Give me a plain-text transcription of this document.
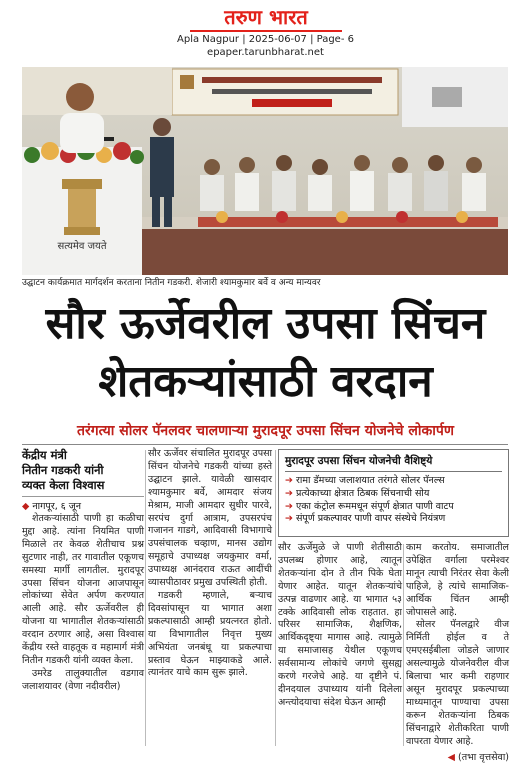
तरुण भारत
Apla Nagpur | 2025-06-07 | Page- 6
epaper.tarunbharat.net
सत्यमेव जयते
उद्घाटन कार्यक्रमात मार्गदर्शन करताना नितीन गडकरी. शेजारी श्यामकुमार बर्वे व अन्य मान्यवर
सौर ऊर्जेवरील उपसा सिंचन
शेतकऱ्यांसाठी वरदान
तरंगत्या सोलर पॅनलवर चालणाऱ्या मुरादपूर उपसा सिंचन योजनेचे लोकार्पण
केंद्रीय मंत्री
नितीन गडकरी यांनी
व्यक्त केला विश्वास
◆ नागपूर, ६ जून

शेतकऱ्यांसाठी पाणी हा कळीचा मुद्दा आहे. त्यांना नियमित पाणी मिळाले तर केवळ शेतीचाच प्रश्न सुटणार नाही, तर गावातील एकूणच समस्या मार्गी लागतील. मुरादपूर उपसा सिंचन योजना आजपासून लोकांच्या सेवेत अर्पण करण्यात आली आहे. सौर ऊर्जेवरील ही योजना या भागातील शेतकऱ्यांसाठी वरदान ठरणार आहे, असा विश्वास केंद्रीय रस्ते वाहतूक व महामार्ग मंत्री नितीन गडकरी यांनी व्यक्त केला.

उमरेड तालुक्यातील वडगाव जलाशयावर (वेणा नदीवरील)

सौर ऊर्जेवर संचालित मुरादपूर उपसा सिंचन योजनेचे गडकरी यांच्या हस्ते उद्घाटन झाले. यावेळी खासदार श्यामकुमार बर्वे, आमदार संजय मेश्राम, माजी आमदार सुधीर पारवे, सरपंच दुर्गा आत्राम, उपसरपंच गजानन गाडगे, आदिवासी विभागाचे उपसंचालक चव्हाण, मानस उद्योग समूहाचे उपाध्यक्ष जयकुमार वर्मा, उपाध्यक्ष आनंदराव राऊत आदींची व्यासपीठावर प्रमुख उपस्थिती होती.

गडकरी म्हणाले, बऱ्याच दिवसांपासून या भागात अशा प्रकल्पासाठी आम्ही प्रयत्नरत होतो. या विभागातील निवृत्त मुख्य अभियंता जनबंधू या प्रकल्पाचा प्रस्ताव घेऊन माझ्याकडे आले. त्यानंतर याचे काम सुरू झाले.

मुरादपूर उपसा सिंचन योजनेची वैशिष्ट्ये
➔ रामा डॅमच्या जलाशयात तरंगते सोलर पॅनल्स
➔ प्रत्येकाच्या क्षेत्रात ठिबक सिंचनाची सोय
➔ एका कंट्रोल रूममधून संपूर्ण क्षेत्रात पाणी वाटप
➔ संपूर्ण प्रकल्पावर पाणी वापर संस्थेचे नियंत्रण

सौर ऊर्जेमुळे जे पाणी शेतीसाठी उपलब्ध होणार आहे, त्यातून शेतकऱ्यांना दोन ते तीन पिके घेता येणार आहेत. यातून शेतकऱ्यांचे उत्पन्न वाढणार आहे. या भागात ५३ टक्के आदिवासी लोक राहतात. हा परिसर सामाजिक, शैक्षणिक, आर्थिकदृष्ट्या मागास आहे. त्यामुळे या समाजासह येथील एकूणच सर्वसामान्य लोकांचे जगणे सुसह्य करणे गरजेचे आहे. या दृष्टीने पं. दीनदयाल उपाध्याय यांनी दिलेला अन्त्योदयाचा संदेश घेऊन आम्ही

काम करतोय. समाजातील उपेक्षित वर्गाला परमेश्वर मानून त्याची निरंतर सेवा केली पाहिजे, हे त्यांचे सामाजिक-आर्थिक चिंतन आम्ही जोपासले आहे.

सोलर पॅनलद्वारे वीज निर्मिती होईल व ते एमएसईबीला जोडले जाणार असल्यामुळे योजनेवरील वीज बिलाचा भार कमी राहणार असून मुरादपूर प्रकल्पाच्या माध्यमातून पाण्याचा उपसा करून शेतकऱ्यांना ठिबक सिंचनाद्वारे शेतीकरिता पाणी वापरता येणार आहे.

◀ (तभा वृत्तसेवा)
